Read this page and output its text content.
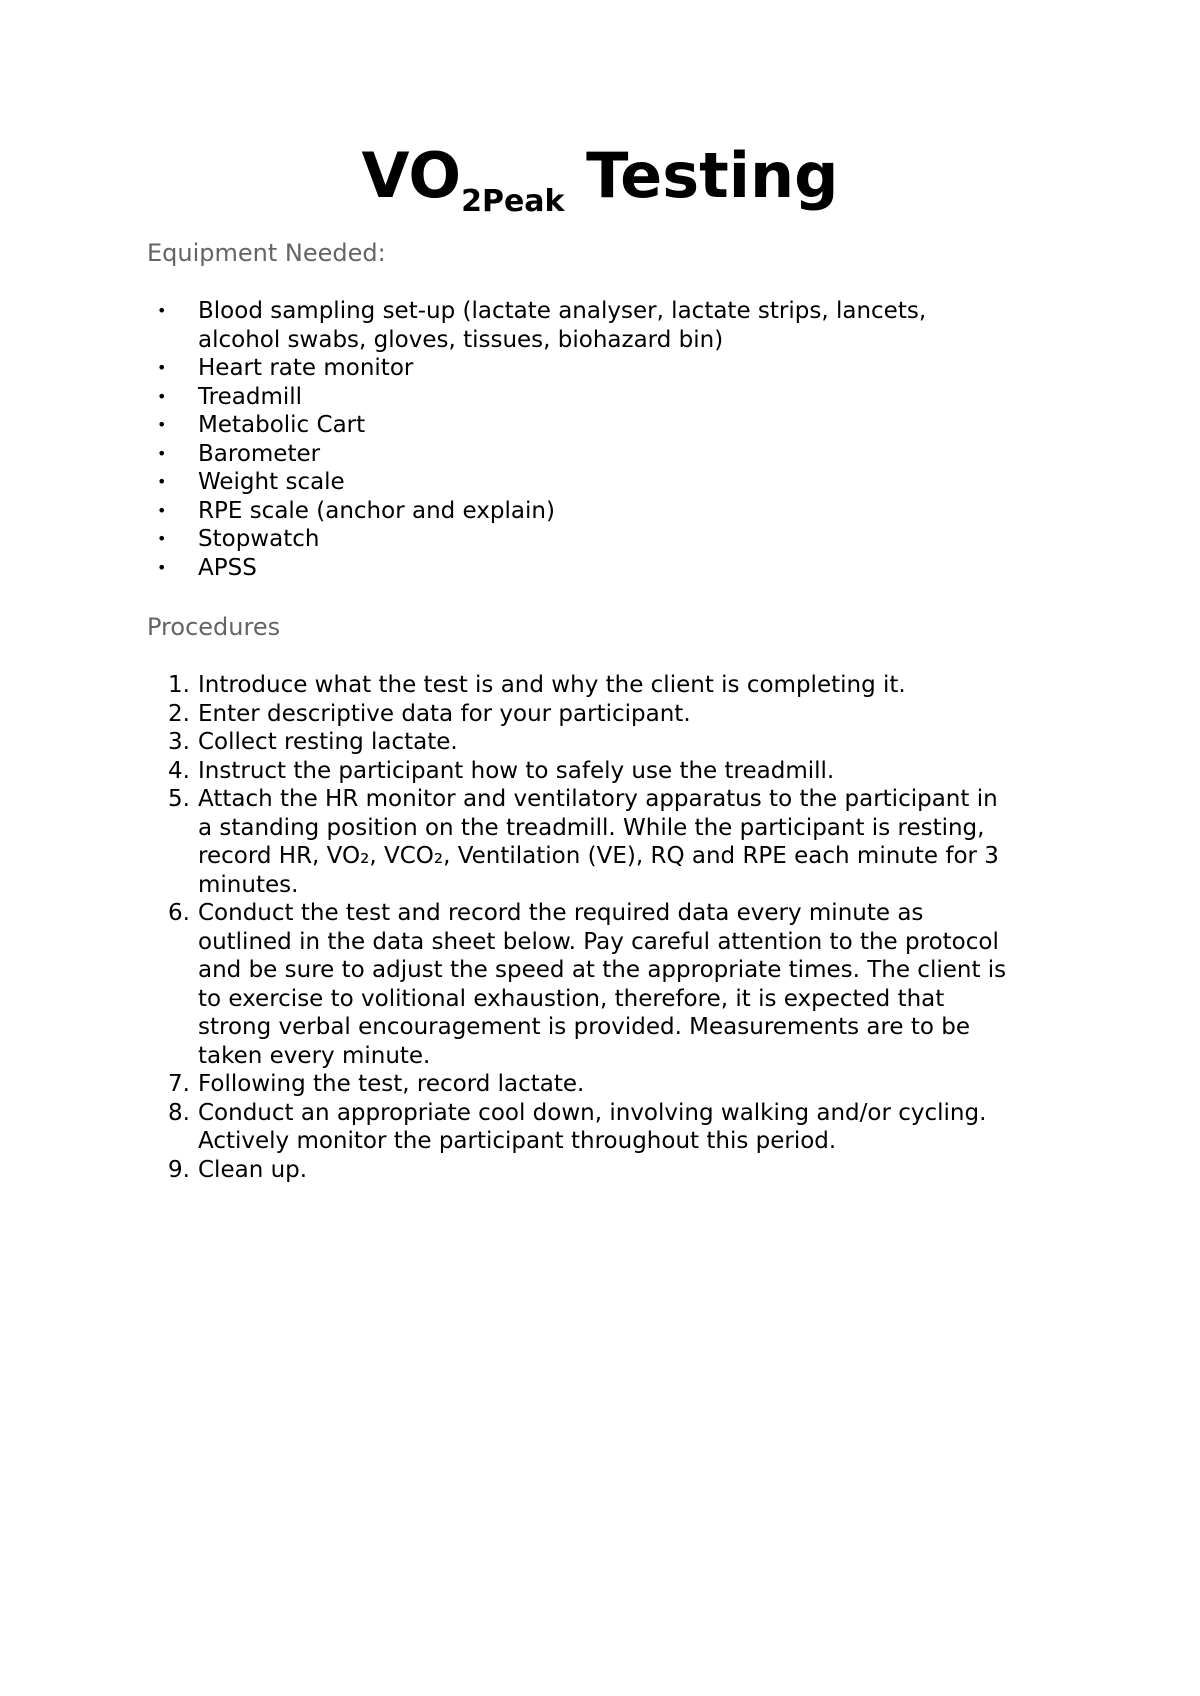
$VO_{2Peak}$ Testing
Equipment Needed:
•	Blood sampling set-up (lactate analyser, lactate strips, lancets,
alcohol swabs, gloves, tissues, biohazard bin)
•	Heart rate monitor
•	Treadmill
•	Metabolic Cart
•	Barometer
•	Weight scale
•	RPE scale (anchor and explain)
•	Stopwatch
•	APSS
Procedures
1. Introduce what the test is and why the client is completing it.
2. Enter descriptive data for your participant.
3. Collect resting lactate.
4. Instruct the participant how to safely use the treadmill.
5. Attach the HR monitor and ventilatory apparatus to the participant in
a standing position on the treadmill. While the participant is resting,
record HR, VO₂, VCO₂, Ventilation (VE), RQ and RPE each minute for 3
minutes.
6. Conduct the test and record the required data every minute as
outlined in the data sheet below. Pay careful attention to the protocol
and be sure to adjust the speed at the appropriate times. The client is
to exercise to volitional exhaustion, therefore, it is expected that
strong verbal encouragement is provided. Measurements are to be
taken every minute.
7. Following the test, record lactate.
8. Conduct an appropriate cool down, involving walking and/or cycling.
Actively monitor the participant throughout this period.
9. Clean up.
